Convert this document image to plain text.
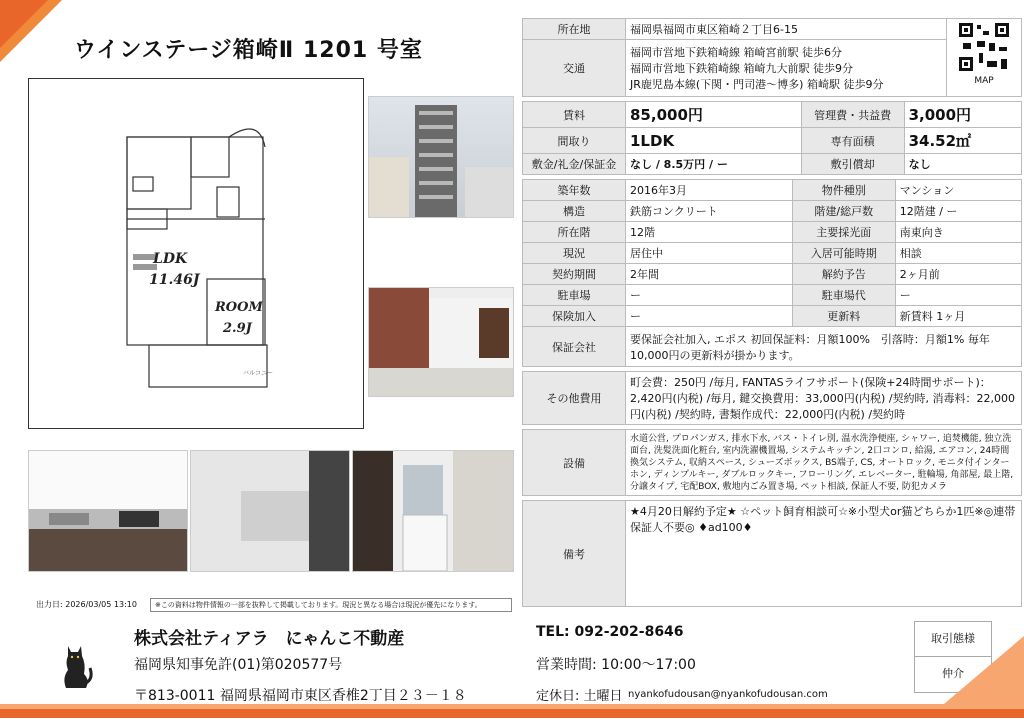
ウインステージ箱崎Ⅱ 1201 号室
LDK
11.46J
ROOM
2.9J
バルコニー
出力日: 2026/03/05 13:10	※この資料は物件情報の一部を抜粋して掲載しております。現況と異なる場合は現況が優先になります。
所在地	福岡県福岡市東区箱崎２丁目6-15	MAP

交通	福岡市営地下鉄箱崎線 箱崎宮前駅 徒歩6分
福岡市営地下鉄箱崎線 箱崎九大前駅 徒歩9分
JR鹿児島本線(下関・門司港～博多) 箱崎駅 徒歩9分	
賃料	85,000円	管理費・共益費	3,000円
間取り	1LDK	専有面積	34.52㎡
敷金/礼金/保証金	なし / 8.5万円 / ー	敷引償却	なし
築年数	2016年3月	物件種別	マンション
構造	鉄筋コンクリート	階建/総戸数	12階建 / ー
所在階	12階	主要採光面	南東向き
現況	居住中	入居可能時期	相談
契約期間	2年間	解約予告	2ヶ月前
駐車場	ー	駐車場代	ー
保険加入	ー	更新料	新賃料 1ヶ月
保証会社	要保証会社加入, エポス 初回保証料：月額100%　引落時：月額1% 毎年10,000円の更新料が掛かります。		
その他費用	町会費：250円 /毎月, FANTASライフサポート(保険+24時間サポート)：2,420円(内税) /毎月, 鍵交換費用：33,000円(内税) /契約時, 消毒料：22,000円(内税) /契約時, 書類作成代：22,000円(内税) /契約時
設備	水道公営, プロパンガス, 排水下水, バス・トイレ別, 温水洗浄便座, シャワー, 追焚機能, 独立洗面台, 洗髪洗面化粧台, 室内洗濯機置場, システムキッチン, 2口コンロ, 給湯, エアコン, 24時間換気システム, 収納スペース, シューズボックス, BS端子, CS, オートロック, モニタ付インターホン, ディンプルキー, ダブルロックキー, フローリング, エレベーター, 駐輪場, 角部屋, 最上階, 分譲タイプ, 宅配BOX, 敷地内ごみ置き場, ペット相談, 保証人不要, 防犯カメラ
備考	★4月20日解約予定★ ☆ペット飼育相談可☆※小型犬or猫どちらか1匹※◎連帯保証人不要◎ ♦ad100♦
株式会社ティアラ　にゃんこ不動産
福岡県知事免許(01)第020577号
〒813-0011 福岡県福岡市東区香椎2丁目２３－１８
TEL: 092-202-8646
営業時間: 10:00～17:00
定休日: 土曜日 nyankofudousan@nyankofudousan.com
取引態様
仲介
